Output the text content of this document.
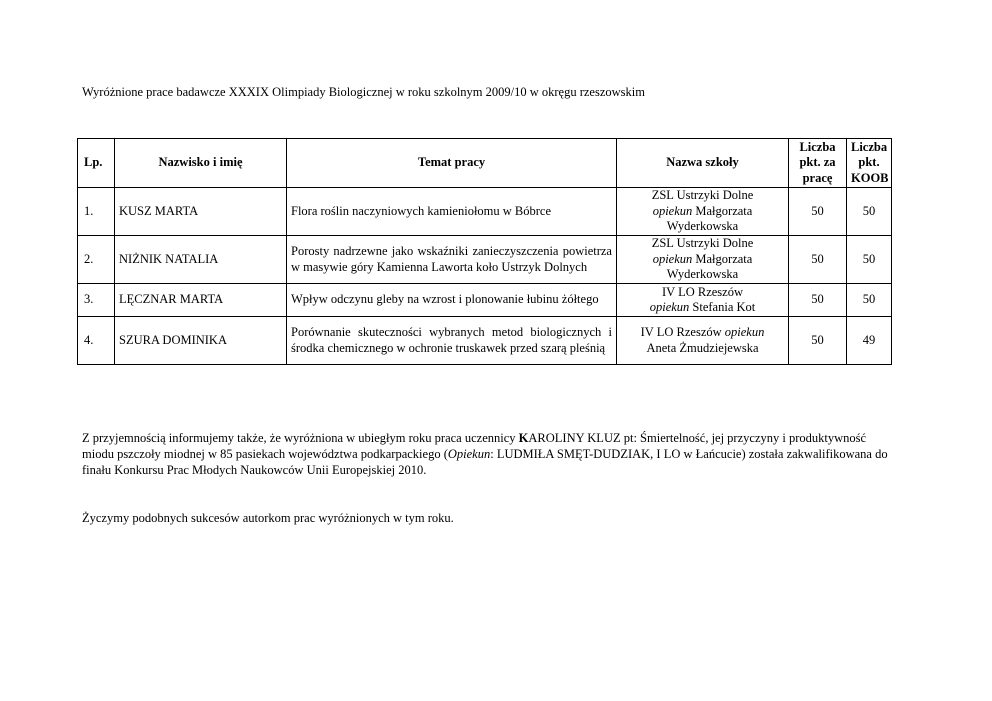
Wyróżnione prace badawcze XXXIX Olimpiady Biologicznej w roku szkolnym 2009/10 w okręgu rzeszowskim

Lp.	Nazwisko i imię	Temat pracy	Nazwa szkoły	Liczba
pkt. za
pracę	Liczba
pkt.
KOOB
1.	KUSZ MARTA	Flora roślin naczyniowych kamieniołomu w Bóbrce	ZSL Ustrzyki Dolne
opiekun Małgorzata
Wyderkowska	50	50
2.	NIŻNIK NATALIA	Porosty nadrzewne jako wskaźniki zanieczyszczenia powietrza w masywie góry Kamienna Laworta koło Ustrzyk Dolnych	ZSL Ustrzyki Dolne
opiekun Małgorzata
Wyderkowska	50	50
3.	LĘCZNAR MARTA	Wpływ odczynu gleby na wzrost i plonowanie łubinu żółtego	IV LO Rzeszów
opiekun Stefania Kot	50	50
4.	SZURA DOMINIKA	Porównanie skuteczności wybranych metod biologicznych i środka chemicznego w ochronie truskawek przed szarą pleśnią	IV LO Rzeszów opiekun
Aneta Żmudziejewska	50	49

Z przyjemnością informujemy także, że wyróżniona w ubiegłym roku praca uczennicy KAROLINY KLUZ pt: Śmiertelność, jej przyczyny i produktywność miodu pszczoły miodnej w 85 pasiekach województwa podkarpackiego (Opiekun: LUDMIŁA SMĘT-DUDZIAK, I LO w Łańcucie) została zakwalifikowana do finału Konkursu Prac Młodych Naukowców Unii Europejskiej 2010.

Życzymy podobnych sukcesów autorkom prac wyróżnionych w tym roku.
